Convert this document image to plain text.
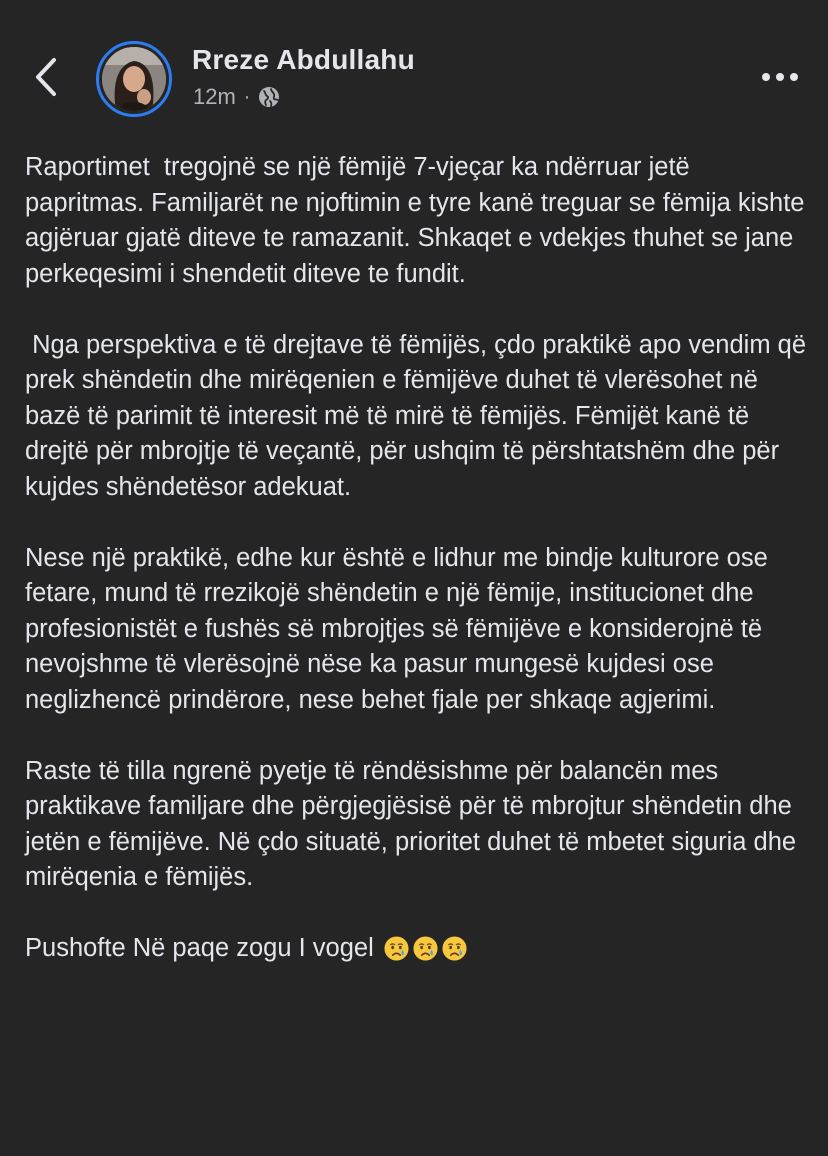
Rreze Abdullahu
12m ·

Raportimet  tregojnë se një fëmijë 7-vjeçar ka ndërruar jetë papritmas. Familjarët ne njoftimin e tyre kanë treguar se fëmija kishte agjëruar gjatë diteve te ramazanit. Shkaqet e vdekjes thuhet se jane perkeqesimi i shendetit diteve te fundit.

Nga perspektiva e të drejtave të fëmijës, çdo praktikë apo vendim që prek shëndetin dhe mirëqenien e fëmijëve duhet të vlerësohet në bazë të parimit të interesit më të mirë të fëmijës. Fëmijët kanë të drejtë për mbrojtje të veçantë, për ushqim të përshtatshëm dhe për kujdes shëndetësor adekuat.

Nese një praktikë, edhe kur është e lidhur me bindje kulturore ose fetare, mund të rrezikojë shëndetin e një fëmije, institucionet dhe profesionistët e fushës së mbrojtjes së fëmijëve e konsiderojnë të nevojshme të vlerësojnë nëse ka pasur mungesë kujdesi ose neglizhencë prindërore, nese behet fjale per shkaqe agjerimi.

Raste të tilla ngrenë pyetje të rëndësishme për balancën mes praktikave familjare dhe përgjegjësisë për të mbrojtur shëndetin dhe jetën e fëmijëve. Në çdo situatë, prioritet duhet të mbetet siguria dhe mirëqenia e fëmijës.

Pushofte Në paqe zogu I vogel
